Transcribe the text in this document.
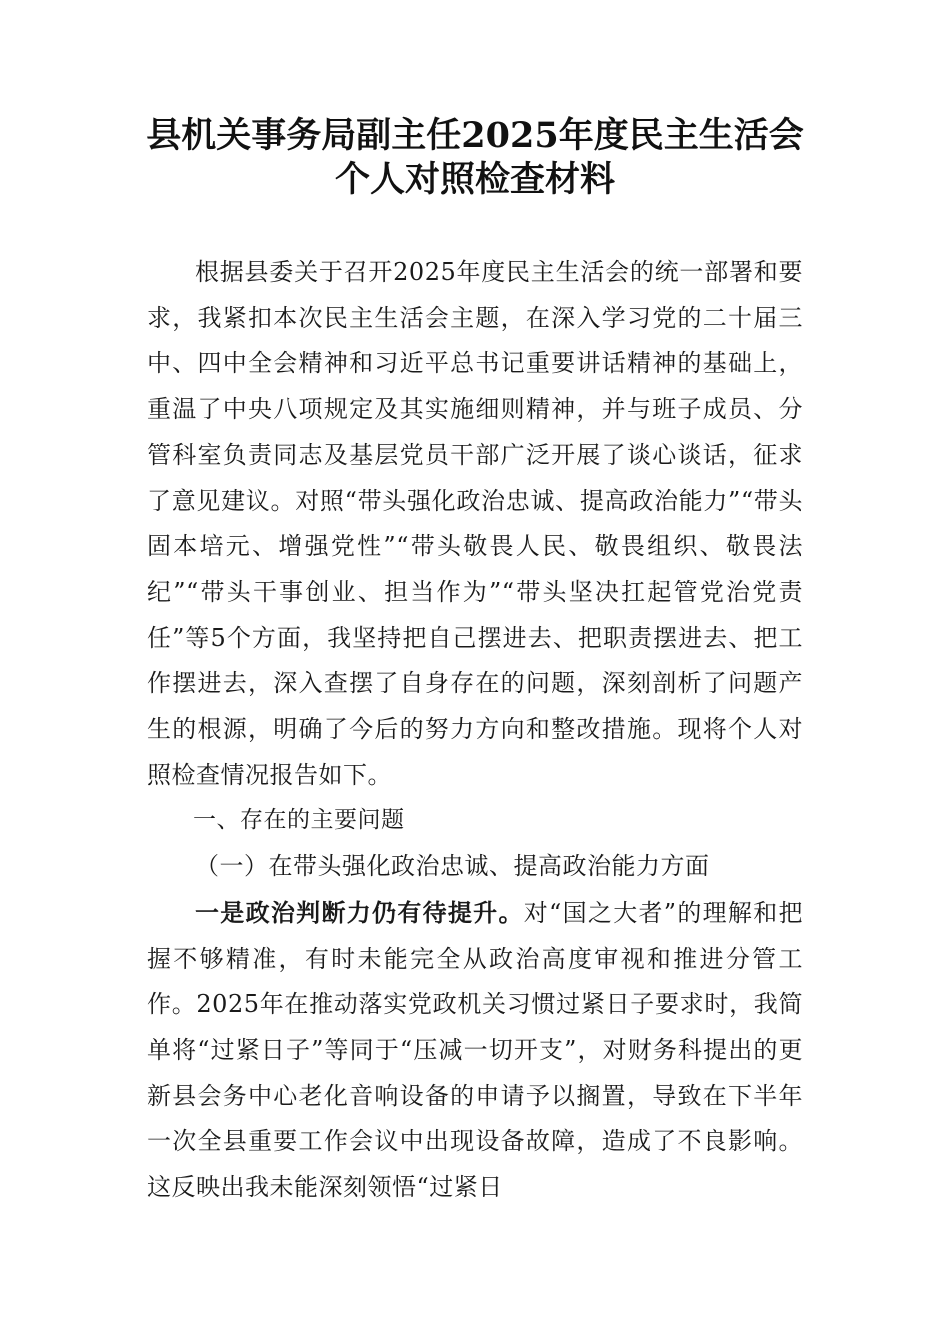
县机关事务局副主任2025年度民主生活会
个人对照检查材料

根据县委关于召开2025年度民主生活会的统一部署和要求，我紧扣本次民主生活会主题，在深入学习党的二十届三中、四中全会精神和习近平总书记重要讲话精神的基础上，重温了中央八项规定及其实施细则精神，并与班子成员、分管科室负责同志及基层党员干部广泛开展了谈心谈话，征求了意见建议。对照“带头强化政治忠诚、提高政治能力”“带头固本培元、增强党性”“带头敬畏人民、敬畏组织、敬畏法纪”“带头干事创业、担当作为”“带头坚决扛起管党治党责任”等5个方面，我坚持把自己摆进去、把职责摆进去、把工作摆进去，深入查摆了自身存在的问题，深刻剖析了问题产生的根源，明确了今后的努力方向和整改措施。现将个人对照检查情况报告如下。

一、存在的主要问题

（一）在带头强化政治忠诚、提高政治能力方面

一是政治判断力仍有待提升。对“国之大者”的理解和把握不够精准，有时未能完全从政治高度审视和推进分管工作。2025年在推动落实党政机关习惯过紧日子要求时，我简单将“过紧日子”等同于“压减一切开支”，对财务科提出的更新县会务中心老化音响设备的申请予以搁置，导致在下半年一次全县重要工作会议中出现设备故障，造成了不良影响。这反映出我未能深刻领悟“过紧日
